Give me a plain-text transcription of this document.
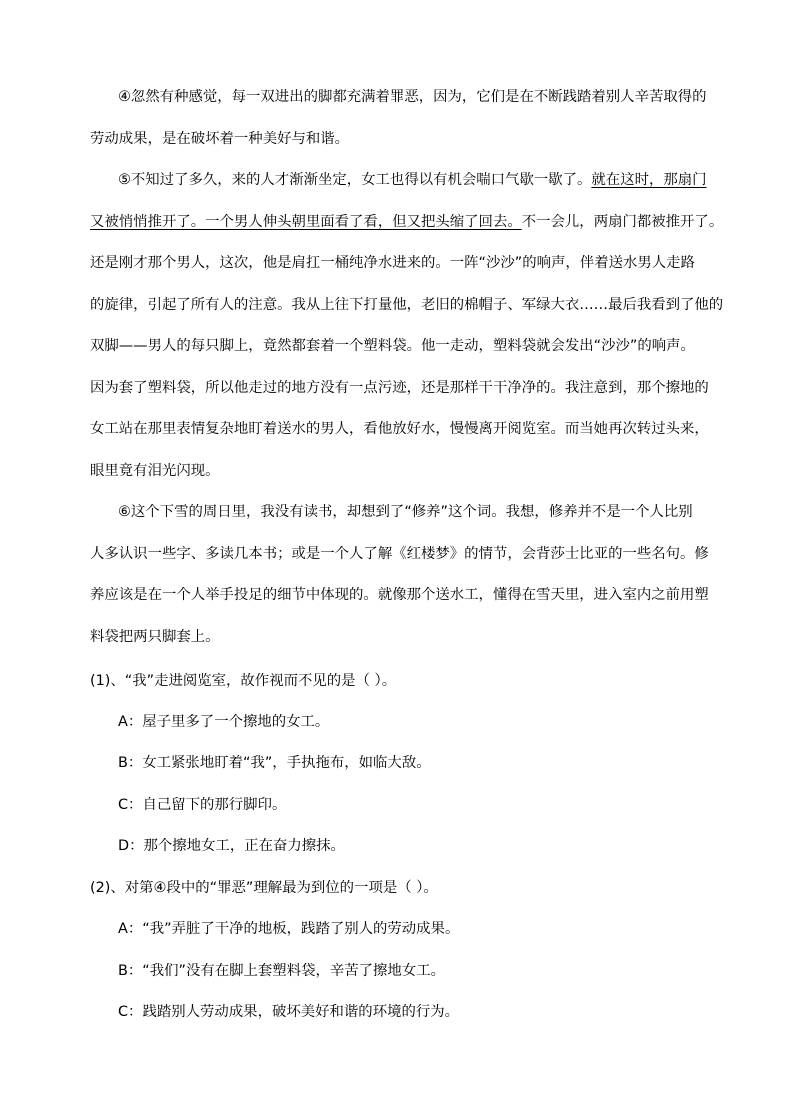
④忽然有种感觉，每一双进出的脚都充满着罪恶，因为，它们是在不断践踏着别人辛苦取得的
劳动成果，是在破坏着一种美好与和谐。
⑤不知过了多久，来的人才渐渐坐定，女工也得以有机会喘口气歇一歇了。就在这时，那扇门
又被悄悄推开了。一个男人伸头朝里面看了看，但又把头缩了回去。不一会儿，两扇门都被推开了。
还是刚才那个男人，这次，他是肩扛一桶纯净水进来的。一阵“沙沙”的响声，伴着送水男人走路
的旋律，引起了所有人的注意。我从上往下打量他，老旧的棉帽子、军绿大衣……最后我看到了他的
双脚——男人的每只脚上，竟然都套着一个塑料袋。他一走动，塑料袋就会发出“沙沙”的响声。
因为套了塑料袋，所以他走过的地方没有一点污迹，还是那样干干净净的。我注意到，那个擦地的
女工站在那里表情复杂地盯着送水的男人，看他放好水，慢慢离开阅览室。而当她再次转过头来，
眼里竟有泪光闪现。
⑥这个下雪的周日里，我没有读书，却想到了“修养”这个词。我想，修养并不是一个人比别
人多认识一些字、多读几本书；或是一个人了解《红楼梦》的情节，会背莎士比亚的一些名句。修
养应该是在一个人举手投足的细节中体现的。就像那个送水工，懂得在雪天里，进入室内之前用塑
料袋把两只脚套上。
(1)、“我”走进阅览室，故作视而不见的是（ ）。
A：屋子里多了一个擦地的女工。
B：女工紧张地盯着“我”，手执拖布，如临大敌。
C：自己留下的那行脚印。
D：那个擦地女工，正在奋力擦抹。
(2)、对第④段中的“罪恶”理解最为到位的一项是（ ）。
A：“我”弄脏了干净的地板，践踏了别人的劳动成果。
B：“我们”没有在脚上套塑料袋，辛苦了擦地女工。
C：践踏别人劳动成果，破坏美好和谐的环境的行为。
